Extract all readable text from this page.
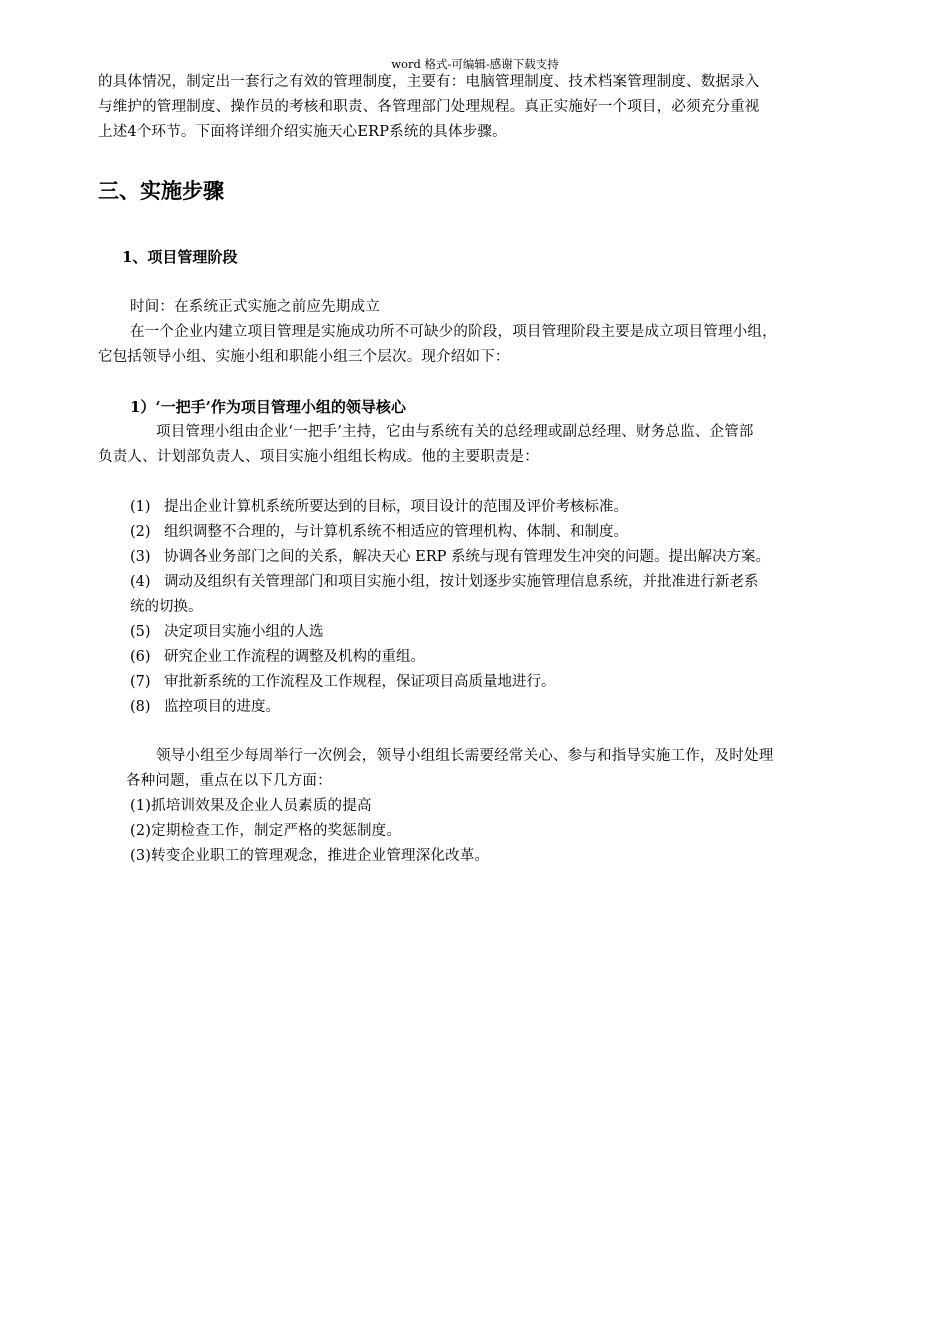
word 格式-可编辑-感谢下载支持
的具体情况，制定出一套行之有效的管理制度，主要有：电脑管理制度、技术档案管理制度、数据录入
与维护的管理制度、操作员的考核和职责、各管理部门处理规程。真正实施好一个项目，必须充分重视
上述4个环节。下面将详细介绍实施天心ERP系统的具体步骤。
三、实施步骤
1、项目管理阶段
时间：在系统正式实施之前应先期成立
在一个企业内建立项目管理是实施成功所不可缺少的阶段，项目管理阶段主要是成立项目管理小组，
它包括领导小组、实施小组和职能小组三个层次。现介绍如下：
1）‘一把手’作为项目管理小组的领导核心
项目管理小组由企业‘一把手’主持，它由与系统有关的总经理或副总经理、财务总监、企管部
负责人、计划部负责人、项目实施小组组长构成。他的主要职责是：
(1) 提出企业计算机系统所要达到的目标，项目设计的范围及评价考核标准。
(2) 组织调整不合理的，与计算机系统不相适应的管理机构、体制、和制度。
(3) 协调各业务部门之间的关系，解决天心 ERP 系统与现有管理发生冲突的问题。提出解决方案。
(4) 调动及组织有关管理部门和项目实施小组，按计划逐步实施管理信息系统，并批准进行新老系
统的切换。
(5) 决定项目实施小组的人选
(6) 研究企业工作流程的调整及机构的重组。
(7) 审批新系统的工作流程及工作规程，保证项目高质量地进行。
(8) 监控项目的进度。
领导小组至少每周举行一次例会，领导小组组长需要经常关心、参与和指导实施工作，及时处理
各种问题，重点在以下几方面：
(1)抓培训效果及企业人员素质的提高
(2)定期检查工作，制定严格的奖惩制度。
(3)转变企业职工的管理观念，推进企业管理深化改革。
